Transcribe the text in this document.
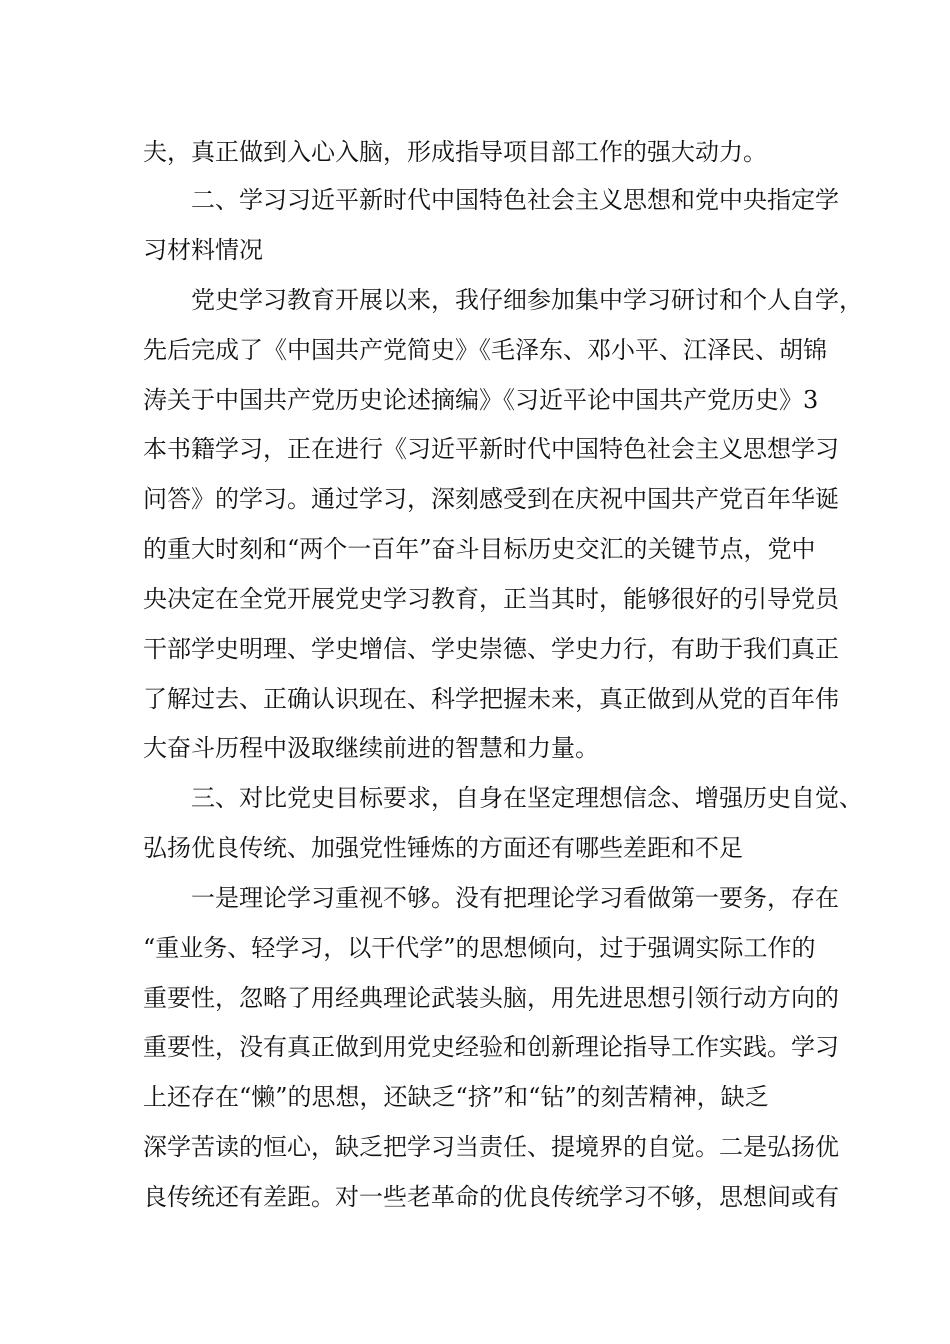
夫，真正做到入心入脑，形成指导项目部工作的强大动力。
二、学习习近平新时代中国特色社会主义思想和党中央指定学
习材料情况
党史学习教育开展以来，我仔细参加集中学习研讨和个人自学，
先后完成了《中国共产党简史》《毛泽东、邓小平、江泽民、胡锦
涛关于中国共产党历史论述摘编》《习近平论中国共产党历史》3
本书籍学习，正在进行《习近平新时代中国特色社会主义思想学习
问答》的学习。通过学习，深刻感受到在庆祝中国共产党百年华诞
的重大时刻和“两个一百年”奋斗目标历史交汇的关键节点，党中
央决定在全党开展党史学习教育，正当其时，能够很好的引导党员
干部学史明理、学史增信、学史崇德、学史力行，有助于我们真正
了解过去、正确认识现在、科学把握未来，真正做到从党的百年伟
大奋斗历程中汲取继续前进的智慧和力量。
三、对比党史目标要求，自身在坚定理想信念、增强历史自觉、
弘扬优良传统、加强党性锤炼的方面还有哪些差距和不足
一是理论学习重视不够。没有把理论学习看做第一要务，存在
“重业务、轻学习，以干代学”的思想倾向，过于强调实际工作的
重要性，忽略了用经典理论武装头脑，用先进思想引领行动方向的
重要性，没有真正做到用党史经验和创新理论指导工作实践。学习
上还存在“懒”的思想，还缺乏“挤”和“钻”的刻苦精神，缺乏
深学苦读的恒心，缺乏把学习当责任、提境界的自觉。二是弘扬优
良传统还有差距。对一些老革命的优良传统学习不够，思想间或有
